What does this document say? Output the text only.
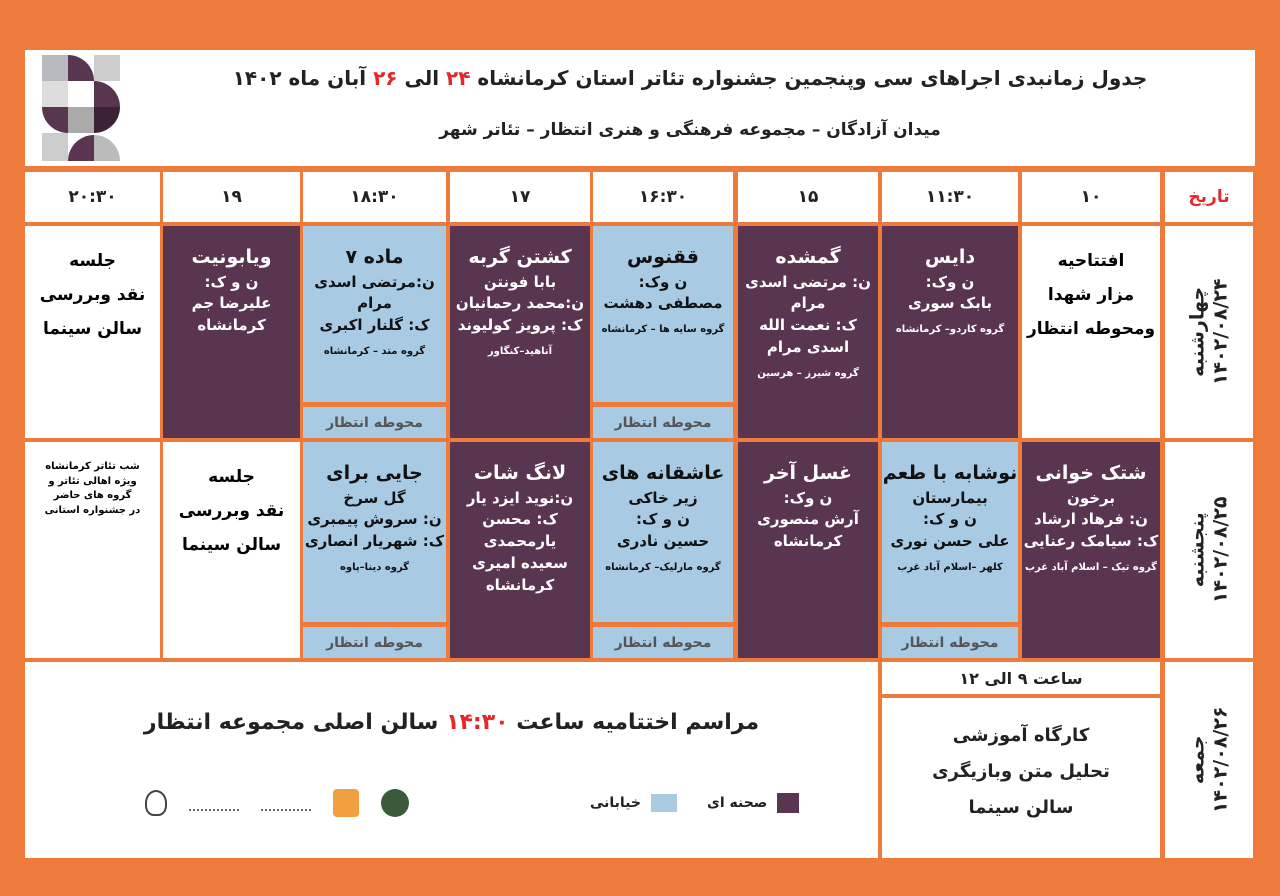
جدول زمانبدی اجراهای سی وپنجمین جشنواره تئاتر استان کرمانشاه ۲۴ الی ۲۶ آبان ماه ۱۴۰۲
میدان آزادگان – مجموعه فرهنگی و هنری انتظار – تئاتر شهر
تاریخ
۱۰
۱۱:۳۰
۱۵
۱۶:۳۰
۱۷
۱۸:۳۰
۱۹
۲۰:۳۰
چهارشنبه ۱۴۰۲/۰۸/۲۴
پنجشنبه ۱۴۰۲/۰۸/۲۵
جمعه ۱۴۰۲/۰۸/۲۶
افتتاحیه
مزار شهدا
ومحوطه انتظار
دایس
ن وک:
بابک سوری
گروه کاردو– کرمانشاه
گمشده
ن: مرتضی اسدی مرام
ک: نعمت الله اسدی مرام
گروه شیرز – هرسین
ققنوس
ن وک:
مصطفی دهشت
گروه سایه ها – کرمانشاه
محوطه انتظار
کشتن گربه
بابا فونتن
ن:محمد رحمانیان
ک: پرویز کولیوند
آناهید–کنگاور
ماده ۷
ن:مرتضی اسدی مرام
ک: گلنار اکبری
گروه متد – کرمانشاه
محوطه انتظار
ویابونیت
ن و ک:
علیرضا جم
کرمانشاه
جلسه
نقد وبررسی
سالن سینما
شتک خوانی
برخون
ن: فرهاد ارشاد
ک: سیامک رعنایی
گروه تیک – اسلام آباد غرب
نوشابه با طعم
بیمارستان
ن و ک:
علی حسن نوری
کلهر –اسلام آباد غرب
محوطه انتظار
غسل آخر
ن وک:
آرش منصوری
کرمانشاه
عاشقانه های
زیر خاکی
ن و ک:
حسین نادری
گروه مارلیک– کرمانشاه
محوطه انتظار
لانگ شات
ن:نوید ایزد یار
ک: محسن یارمحمدی
سعیده امیری
کرمانشاه
جایی برای
گل سرخ
ن: سروش پیمبری
ک: شهریار انصاری
گروه دینا–پاوه
محوطه انتظار
جلسه
نقد وبررسی
سالن سینما
شب تئاتر کرمانشاه
ویژه اهالی تئاتر و
گروه های حاضر
در جشنواره استانی
مراسم اختتامیه ساعت ۱۴:۳۰ سالن اصلی مجموعه انتظار
صحنه ای
خیابانی
ساعت ۹ الی ۱۲
کارگاه آموزشی
تحلیل متن وبازیگری
سالن سینما
